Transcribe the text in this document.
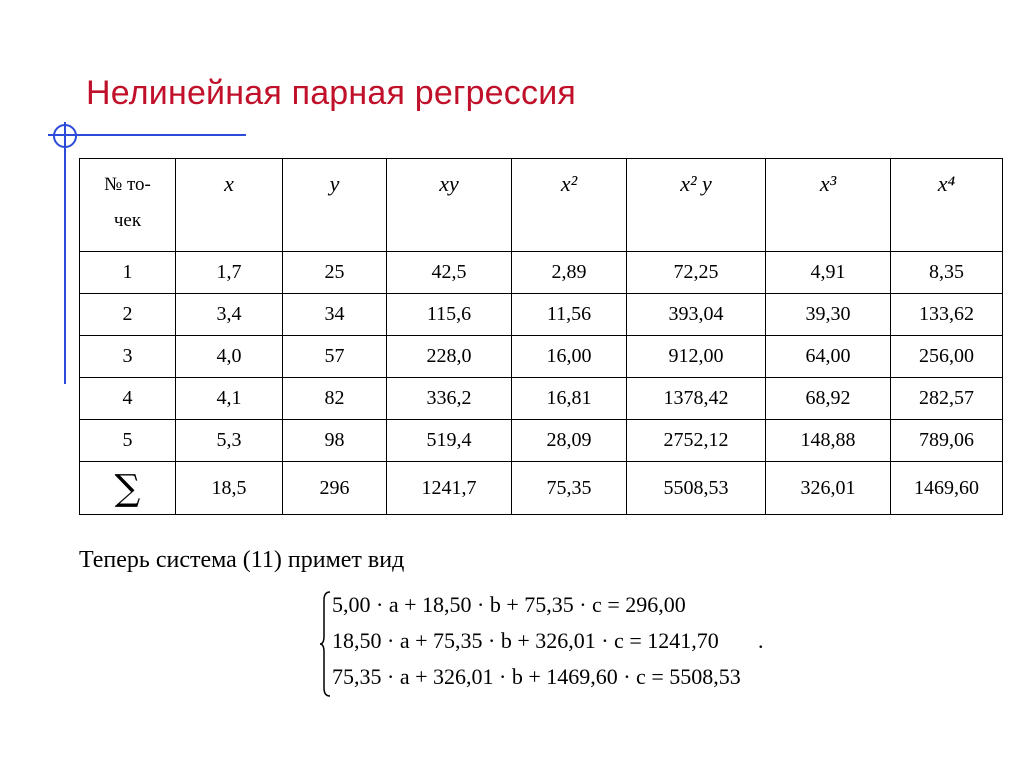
Нелинейная парная регрессия
№ то-
чек	x	y	xy	x²	x² y	x³	x⁴

1	1,7	25	42,5	2,89	72,25	4,91	8,35
2	3,4	34	115,6	11,56	393,04	39,30	133,62
3	4,0	57	228,0	16,00	912,00	64,00	256,00
4	4,1	82	336,2	16,81	1378,42	68,92	282,57
5	5,3	98	519,4	28,09	2752,12	148,88	789,06
∑	18,5	296	1241,7	75,35	5508,53	326,01	1469,60
Теперь система (11) примет вид
5,00 · a + 18,50 · b + 75,35 · c = 296,00
18,50 · a + 75,35 · b + 326,01 · c = 1241,70
75,35 · a + 326,01 · b + 1469,60 · c = 5508,53
.
